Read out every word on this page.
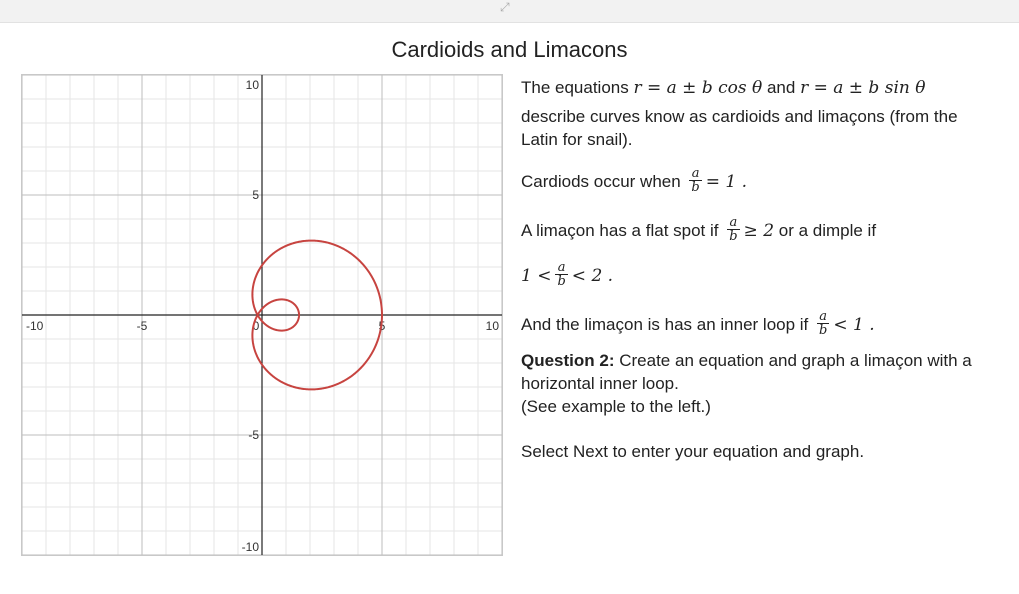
⤢
Cardioids and Limacons
-10	-5	0	5	10
10
5
-5
-10

The equations r = a ± b cos θ and r = a ± b sin θ

describe curves know as cardioids and limaçons (from the Latin for snail).

Cardiods occur when $\frac{a}{b} = 1$ .

A limaçon has a flat spot if $\frac{a}{b} \ge 2$ or a dimple if

$1 < \frac{a}{b} < 2$ .

And the limaçon is has an inner loop if $\frac{a}{b} < 1$ .

Question 2: Create an equation and graph a limaçon with a horizontal inner loop.
(See example to the left.)

Select Next to enter your equation and graph.
